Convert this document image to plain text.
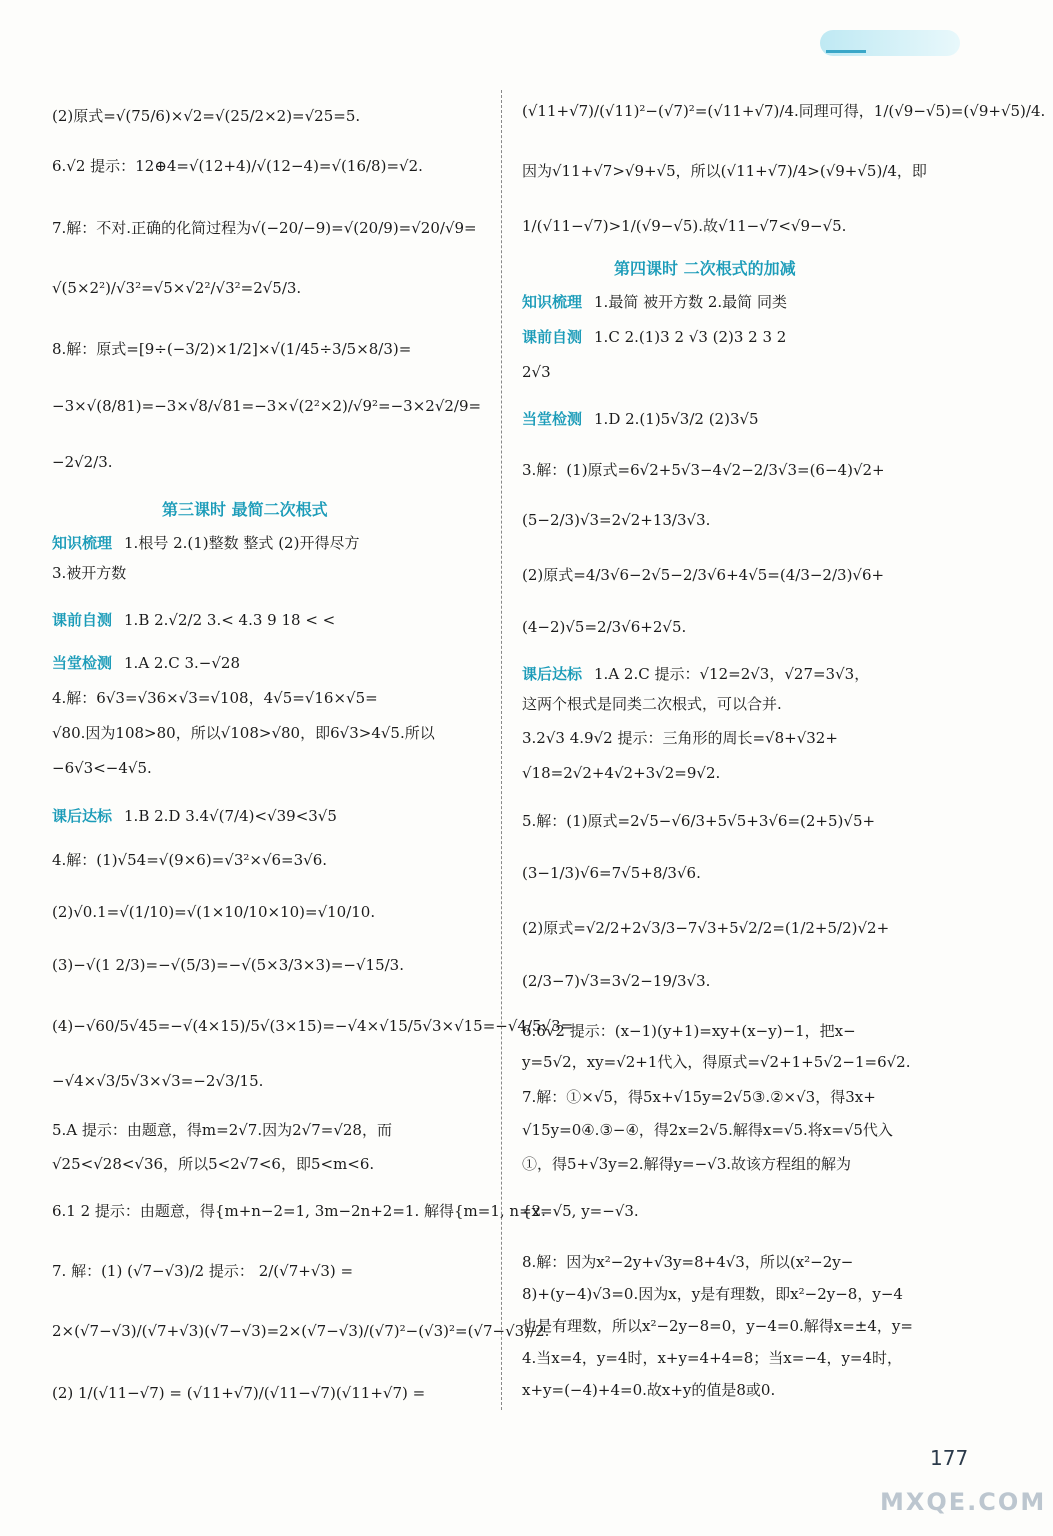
(2)原式=√(75/6)×√2=√(25/2×2)=√25=5.
6.√2 提示：12⊕4=√(12+4)/√(12−4)=√(16/8)=√2.
7.解：不对.正确的化简过程为√(−20/−9)=√(20/9)=√20/√9=
√(5×2²)/√3²=√5×√2²/√3²=2√5/3.
8.解：原式=[9÷(−3/2)×1/2]×√(1/45÷3/5×8/3)=
−3×√(8/81)=−3×√8/√81=−3×√(2²×2)/√9²=−3×2√2/9=
−2√2/3.
第三课时 最简二次根式
知识梳理 1.根号 2.(1)整数 整式 (2)开得尽方
3.被开方数
课前自测 1.B 2.√2/2 3.< 4.3 9 18 < <
当堂检测 1.A 2.C 3.−√28
4.解：6√3=√36×√3=√108，4√5=√16×√5=
√80.因为108>80，所以√108>√80，即6√3>4√5.所以
−6√3<−4√5.
课后达标 1.B 2.D 3.4√(7/4)<√39<3√5
4.解：(1)√54=√(9×6)=√3²×√6=3√6.
(2)√0.1=√(1/10)=√(1×10/10×10)=√10/10.
(3)−√(1 2/3)=−√(5/3)=−√(5×3/3×3)=−√15/3.
(4)−√60/5√45=−√(4×15)/5√(3×15)=−√4×√15/5√3×√15=−√4/5√3=
−√4×√3/5√3×√3=−2√3/15.
5.A 提示：由题意，得m=2√7.因为2√7=√28，而
√25<√28<√36，所以5<2√7<6，即5<m<6.
6.1 2 提示：由题意，得{m+n−2=1, 3m−2n+2=1. 解得{m=1, n=2.
7. 解：(1) (√7−√3)/2 提示： 2/(√7+√3) =
2×(√7−√3)/(√7+√3)(√7−√3)=2×(√7−√3)/(√7)²−(√3)²=(√7−√3)/2.
(2) 1/(√11−√7) = (√11+√7)/(√11−√7)(√11+√7) =
(√11+√7)/(√11)²−(√7)²=(√11+√7)/4.同理可得，1/(√9−√5)=(√9+√5)/4.
因为√11+√7>√9+√5，所以(√11+√7)/4>(√9+√5)/4，即
1/(√11−√7)>1/(√9−√5).故√11−√7<√9−√5.
第四课时 二次根式的加减
知识梳理 1.最简 被开方数 2.最简 同类
课前自测 1.C 2.(1)3 2 √3 (2)3 2 3 2
2√3
当堂检测 1.D 2.(1)5√3/2 (2)3√5
3.解：(1)原式=6√2+5√3−4√2−2/3√3=(6−4)√2+
(5−2/3)√3=2√2+13/3√3.
(2)原式=4/3√6−2√5−2/3√6+4√5=(4/3−2/3)√6+
(4−2)√5=2/3√6+2√5.
课后达标 1.A 2.C 提示：√12=2√3，√27=3√3，
这两个根式是同类二次根式，可以合并.
3.2√3 4.9√2 提示：三角形的周长=√8+√32+
√18=2√2+4√2+3√2=9√2.
5.解：(1)原式=2√5−√6/3+5√5+3√6=(2+5)√5+
(3−1/3)√6=7√5+8/3√6.
(2)原式=√2/2+2√3/3−7√3+5√2/2=(1/2+5/2)√2+
(2/3−7)√3=3√2−19/3√3.
6.6√2 提示：(x−1)(y+1)=xy+(x−y)−1，把x−
y=5√2，xy=√2+1代入，得原式=√2+1+5√2−1=6√2.
7.解：①×√5，得5x+√15y=2√5③.②×√3，得3x+
√15y=0④.③−④，得2x=2√5.解得x=√5.将x=√5代入
①，得5+√3y=2.解得y=−√3.故该方程组的解为
{x=√5, y=−√3.
8.解：因为x²−2y+√3y=8+4√3，所以(x²−2y−
8)+(y−4)√3=0.因为x，y是有理数，即x²−2y−8，y−4
也是有理数，所以x²−2y−8=0，y−4=0.解得x=±4，y=
4.当x=4，y=4时，x+y=4+4=8；当x=−4，y=4时，
x+y=(−4)+4=0.故x+y的值是8或0.
177
MXQE.COM
